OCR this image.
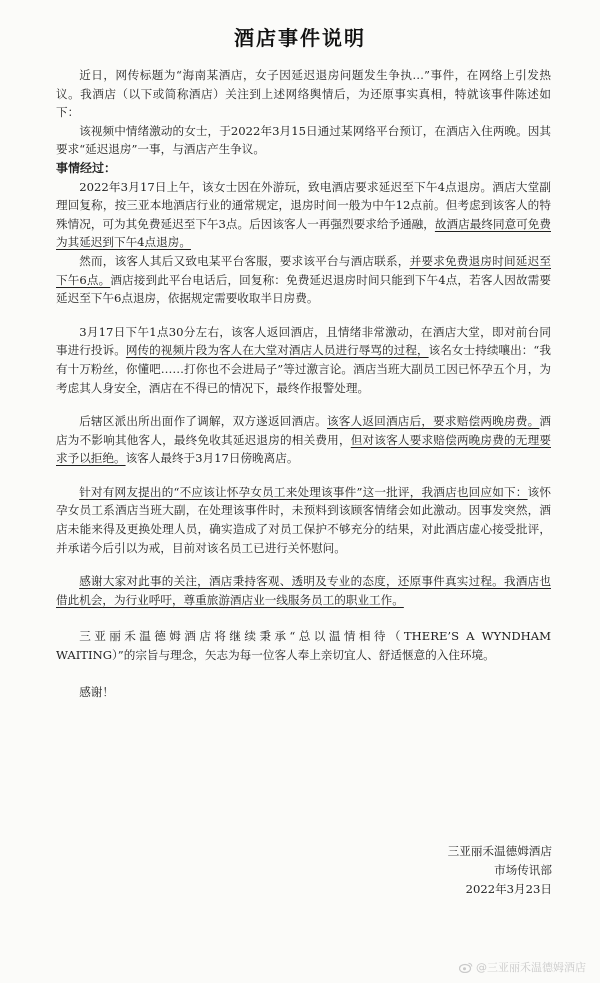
酒店事件说明

近日，网传标题为“海南某酒店，女子因延迟退房问题发生争执…”事件，在网络上引发热议。我酒店（以下或简称酒店）关注到上述网络舆情后，为还原事实真相，特就该事件陈述如下：

该视频中情绪激动的女士，于2022年3月15日通过某网络平台预订，在酒店入住两晚。因其要求“延迟退房”一事，与酒店产生争议。

事情经过：

2022年3月17日上午，该女士因在外游玩，致电酒店要求延迟至下午4点退房。酒店大堂副理回复称，按三亚本地酒店行业的通常规定，退房时间一般为中午12点前。但考虑到该客人的特殊情况，可为其免费延迟至下午3点。后因该客人一再强烈要求给予通融，故酒店最终同意可免费为其延迟到下午4点退房。

然而，该客人其后又致电某平台客服，要求该平台与酒店联系，并要求免费退房时间延迟至下午6点。酒店接到此平台电话后，回复称：免费延迟退房时间只能到下午4点，若客人因故需要延迟至下午6点退房，依据规定需要收取半日房费。

3月17日下午1点30分左右，该客人返回酒店，且情绪非常激动，在酒店大堂，即对前台同事进行投诉。网传的视频片段为客人在大堂对酒店人员进行辱骂的过程，该名女士持续嚷出：“我有十万粉丝，你懂吧……打你也不会进局子”等过激言论。酒店当班大副员工因已怀孕五个月，为考虑其人身安全，酒店在不得已的情况下，最终作报警处理。

后辖区派出所出面作了调解，双方遂返回酒店。该客人返回酒店后，要求赔偿两晚房费。酒店为不影响其他客人，最终免收其延迟退房的相关费用，但对该客人要求赔偿两晚房费的无理要求予以拒绝。该客人最终于3月17日傍晚离店。

针对有网友提出的“不应该让怀孕女员工来处理该事件”这一批评，我酒店也回应如下：该怀孕女员工系酒店当班大副，在处理该事件时，未预料到该顾客情绪会如此激动。因事发突然，酒店未能来得及更换处理人员，确实造成了对员工保护不够充分的结果，对此酒店虚心接受批评，并承诺今后引以为戒，目前对该名员工已进行关怀慰问。

感谢大家对此事的关注，酒店秉持客观、透明及专业的态度，还原事件真实过程。我酒店也借此机会，为行业呼吁，尊重旅游酒店业一线服务员工的职业工作。

三亚丽禾温德姆酒店将继续秉承“总以温情相待（THERE’S A WYNDHAM WAITING）”的宗旨与理念，矢志为每一位客人奉上亲切宜人、舒适惬意的入住环境。

感谢！

三亚丽禾温德姆酒店
市场传讯部
2022年3月23日
@三亚丽禾温德姆酒店
